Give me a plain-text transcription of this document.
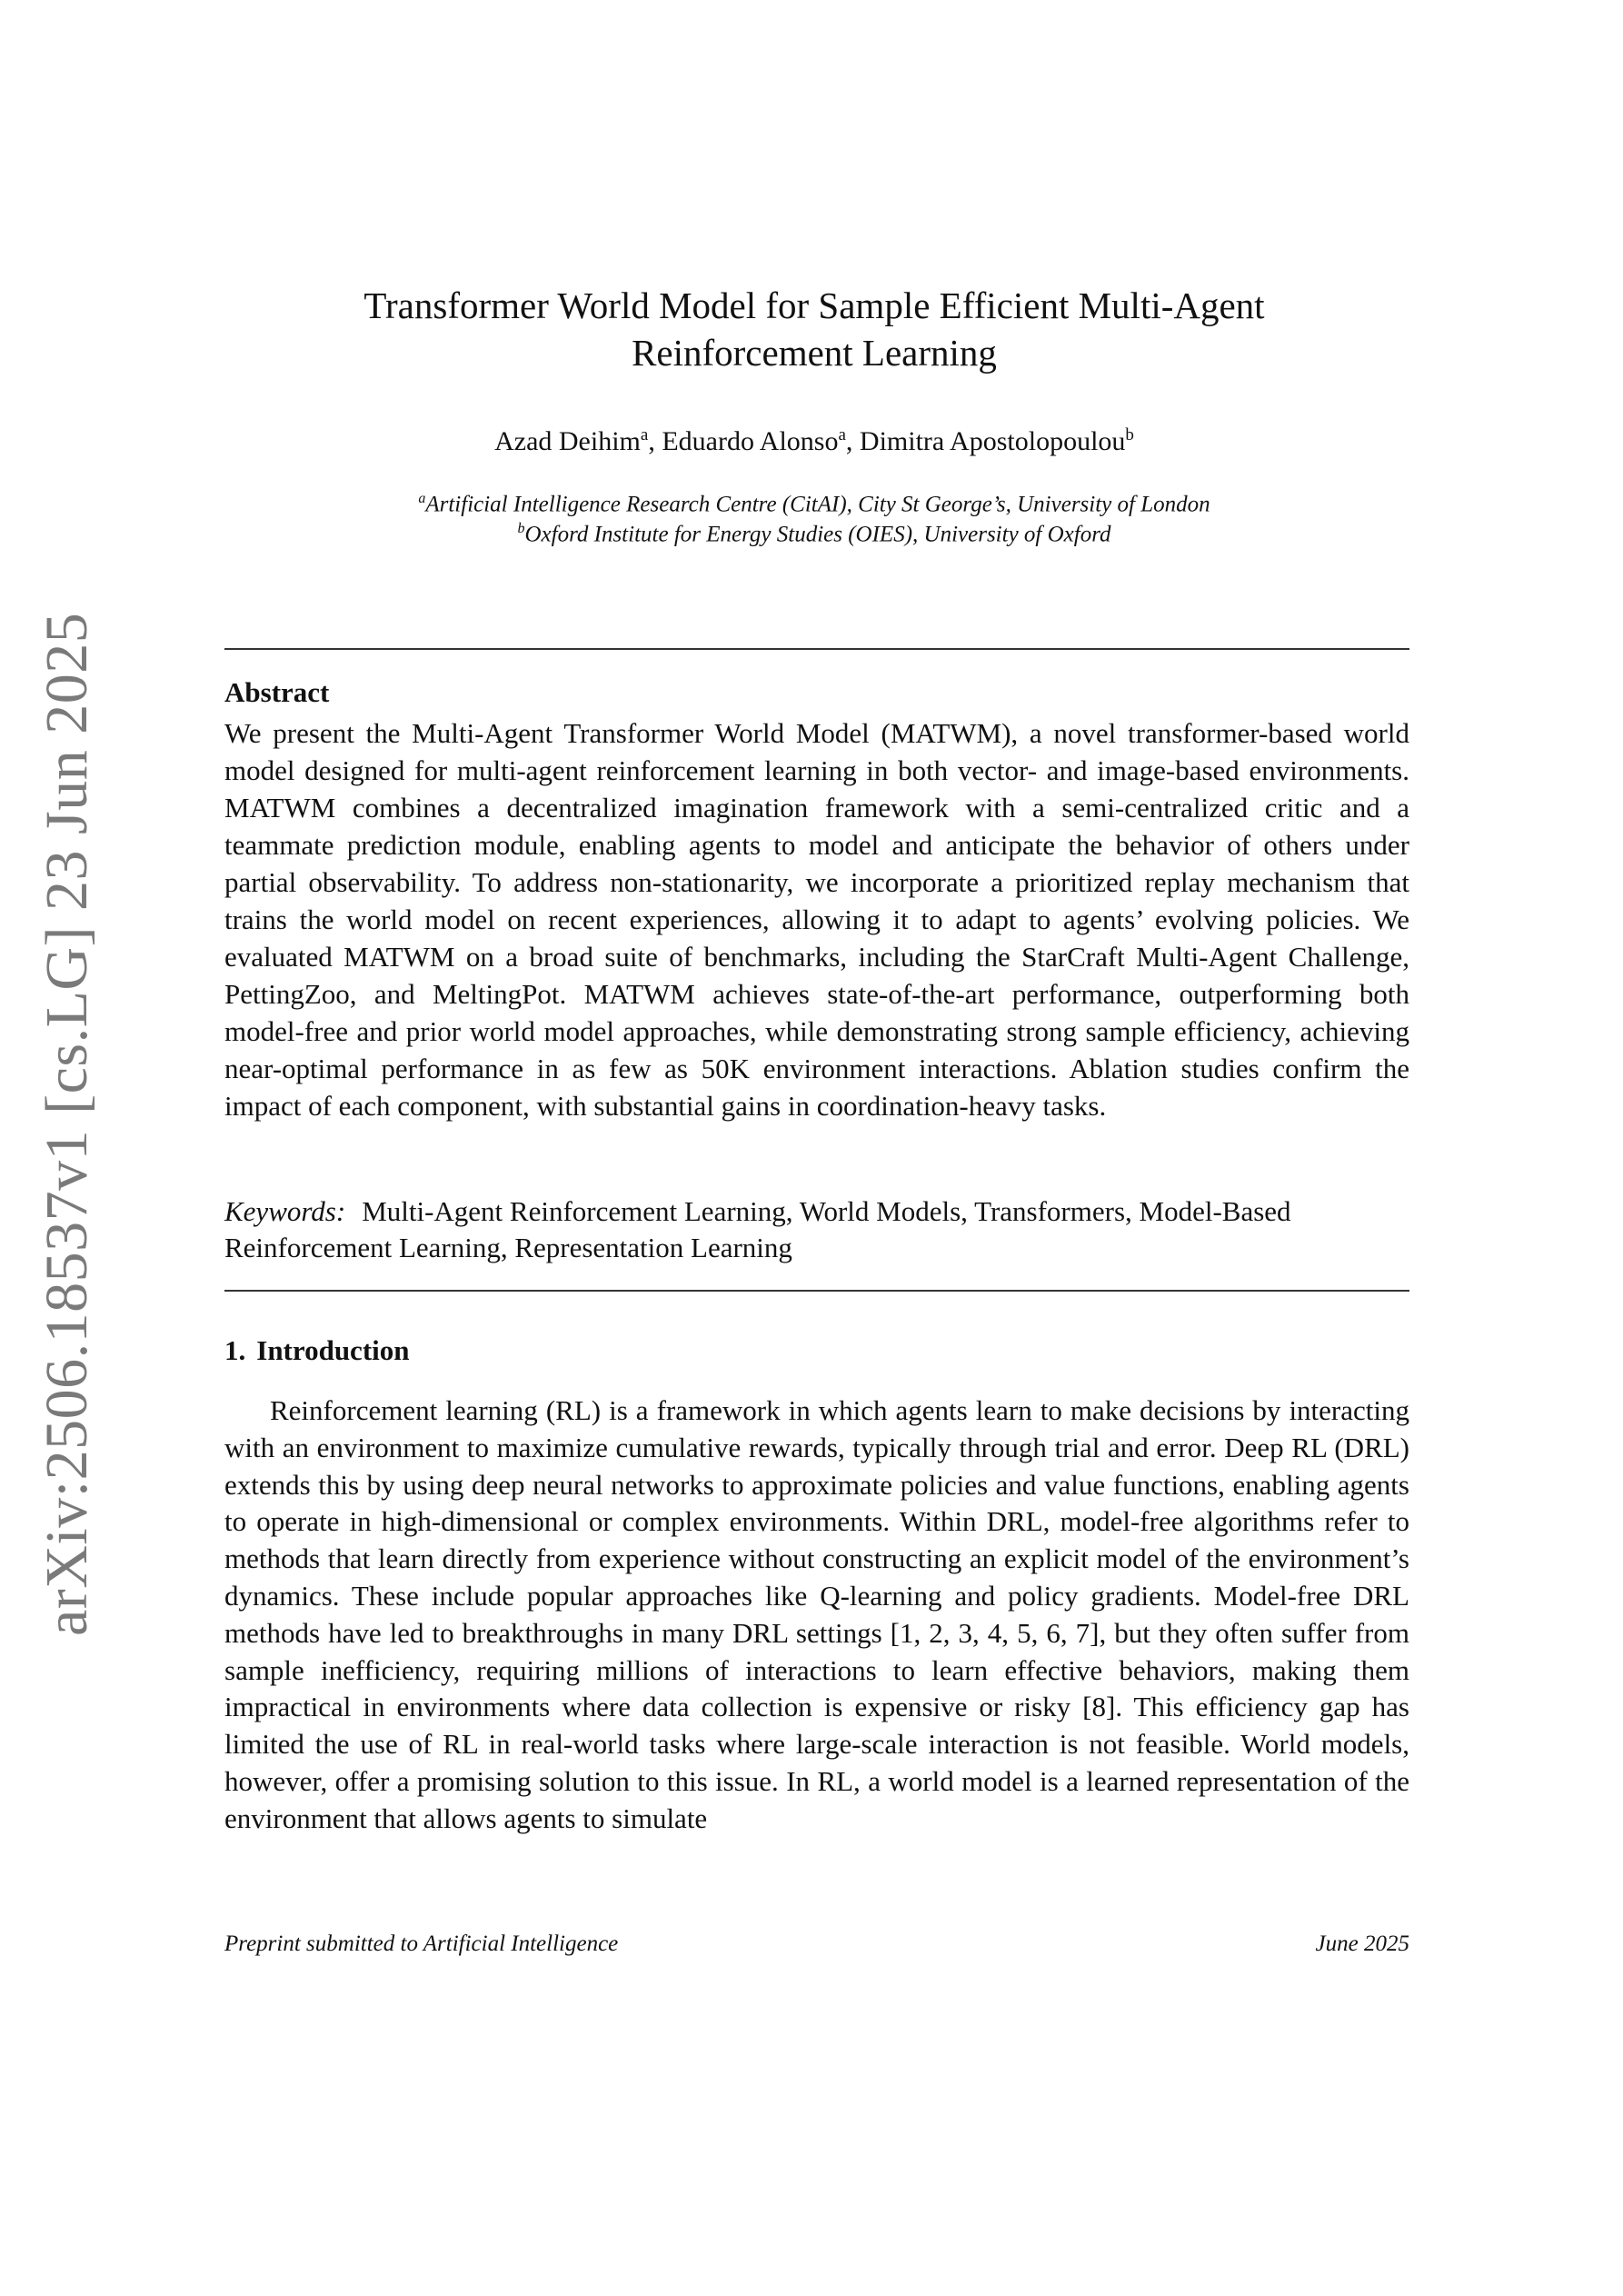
arXiv:2506.18537v1 [cs.LG] 23 Jun 2025
Transformer World Model for Sample Efficient Multi-Agent
Reinforcement Learning
Azad Deihim$^a$, Eduardo Alonso$^a$, Dimitra Apostolopoulou$^b$
$^a$Artificial Intelligence Research Centre (CitAI), City St George’s, University of London
$^b$Oxford Institute for Energy Studies (OIES), University of Oxford
Abstract
We present the Multi-Agent Transformer World Model (MATWM), a novel transformer-based world model designed for multi-agent reinforcement learning in both vector- and image-based environments. MATWM combines a decentralized imagination framework with a semi-centralized critic and a teammate prediction module, enabling agents to model and anticipate the behavior of others under partial observability. To address non-stationarity, we incorporate a prioritized replay mechanism that trains the world model on recent experiences, allowing it to adapt to agents’ evolving policies. We evaluated MATWM on a broad suite of benchmarks, including the StarCraft Multi-Agent Challenge, PettingZoo, and MeltingPot. MATWM achieves state-of-the-art performance, outperforming both model-free and prior world model approaches, while demonstrating strong sample efficiency, achieving near-optimal performance in as few as 50K environment interactions. Ablation studies confirm the impact of each component, with substantial gains in coordination-heavy tasks.
Keywords: Multi-Agent Reinforcement Learning, World Models, Transformers, Model-Based Reinforcement Learning, Representation Learning
1. Introduction
Reinforcement learning (RL) is a framework in which agents learn to make decisions by interacting with an environment to maximize cumulative rewards, typically through trial and error. Deep RL (DRL) extends this by using deep neural networks to approximate policies and value functions, enabling agents to operate in high-dimensional or complex environments. Within DRL, model-free algorithms refer to methods that learn directly from experience without constructing an explicit model of the environment’s dynamics. These include popular approaches like Q-learning and policy gradients. Model-free DRL methods have led to breakthroughs in many DRL settings [1, 2, 3, 4, 5, 6, 7], but they often suffer from sample inefficiency, requiring millions of interactions to learn effective behaviors, making them impractical in environments where data collection is expensive or risky [8]. This efficiency gap has limited the use of RL in real-world tasks where large-scale interaction is not feasible. World models, however, offer a promising solution to this issue. In RL, a world model is a learned representation of the environment that allows agents to simulate
Preprint submitted to Artificial Intelligence	June 2025
